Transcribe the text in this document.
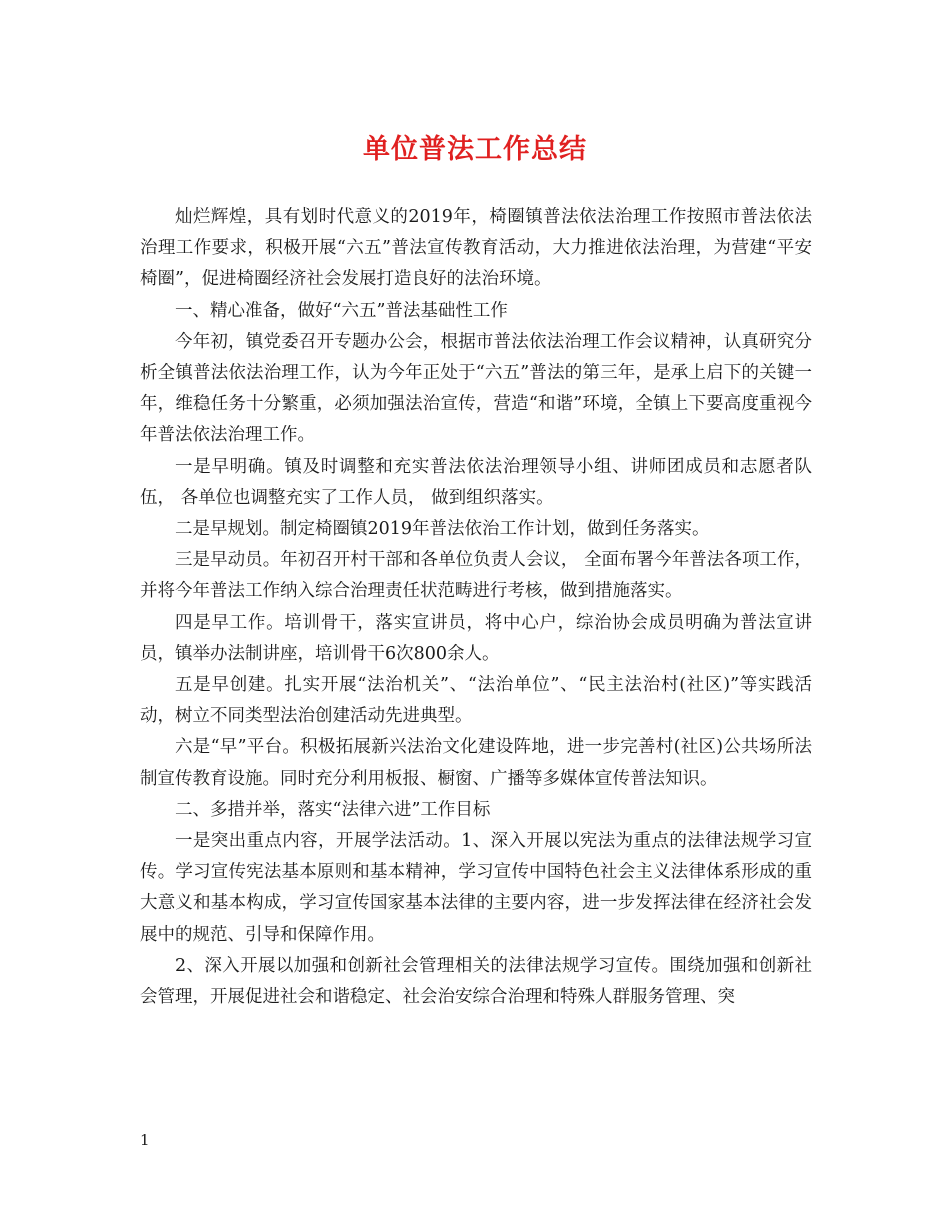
单位普法工作总结

灿烂辉煌，具有划时代意义的2019年，椅圈镇普法依法治理工作按照市普法依法治理工作要求，积极开展“六五”普法宣传教育活动，大力推进依法治理，为营建“平安椅圈”，促进椅圈经济社会发展打造良好的法治环境。

一、精心准备，做好“六五”普法基础性工作

今年初，镇党委召开专题办公会，根据市普法依法治理工作会议精神，认真研究分析全镇普法依法治理工作，认为今年正处于“六五”普法的第三年，是承上启下的关键一年，维稳任务十分繁重，必须加强法治宣传，营造“和谐”环境，全镇上下要高度重视今年普法依法治理工作。

一是早明确。镇及时调整和充实普法依法治理领导小组、讲师团成员和志愿者队伍， 各单位也调整充实了工作人员， 做到组织落实。

二是早规划。制定椅圈镇2019年普法依治工作计划，做到任务落实。

三是早动员。年初召开村干部和各单位负责人会议， 全面布署今年普法各项工作，并将今年普法工作纳入综合治理责任状范畴进行考核，做到措施落实。

四是早工作。培训骨干，落实宣讲员，将中心户，综治协会成员明确为普法宣讲员，镇举办法制讲座，培训骨干6次800余人。

五是早创建。扎实开展“法治机关”、“法治单位”、“民主法治村(社区)”等实践活动，树立不同类型法治创建活动先进典型。

六是“早”平台。积极拓展新兴法治文化建设阵地，进一步完善村(社区)公共场所法制宣传教育设施。同时充分利用板报、橱窗、广播等多媒体宣传普法知识。

二、多措并举，落实“法律六进”工作目标

一是突出重点内容，开展学法活动。1、深入开展以宪法为重点的法律法规学习宣传。学习宣传宪法基本原则和基本精神，学习宣传中国特色社会主义法律体系形成的重大意义和基本构成，学习宣传国家基本法律的主要内容，进一步发挥法律在经济社会发展中的规范、引导和保障作用。

2、深入开展以加强和创新社会管理相关的法律法规学习宣传。围绕加强和创新社会管理，开展促进社会和谐稳定、社会治安综合治理和特殊人群服务管理、突

1
